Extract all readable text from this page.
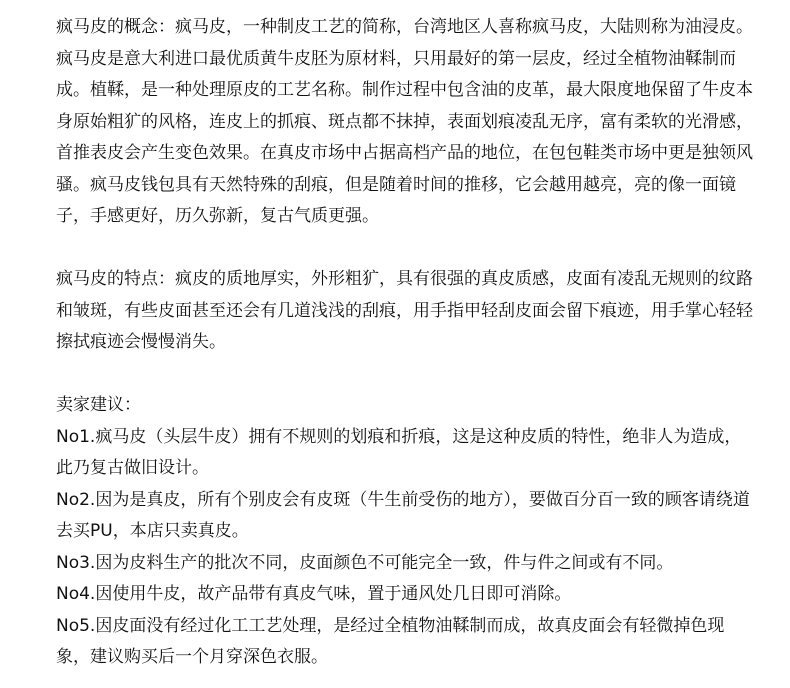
疯马皮的概念：疯马皮，一种制皮工艺的简称，台湾地区人喜称疯马皮，大陆则称为油浸皮。疯马皮是意大利进口最优质黄牛皮胚为原材料，只用最好的第一层皮，经过全植物油鞣制而成。植鞣，是一种处理原皮的工艺名称。制作过程中包含油的皮革，最大限度地保留了牛皮本身原始粗犷的风格，连皮上的抓痕、斑点都不抹掉，表面划痕凌乱无序，富有柔软的光滑感，首推表皮会产生变色效果。在真皮市场中占据高档产品的地位，在包包鞋类市场中更是独领风骚。疯马皮钱包具有天然特殊的刮痕，但是随着时间的推移，它会越用越亮，亮的像一面镜子，手感更好，历久弥新，复古气质更强。

疯马皮的特点：疯皮的质地厚实，外形粗犷，具有很强的真皮质感，皮面有凌乱无规则的纹路和皱斑，有些皮面甚至还会有几道浅浅的刮痕，用手指甲轻刮皮面会留下痕迹，用手掌心轻轻擦拭痕迹会慢慢消失。

卖家建议：

No1.疯马皮（头层牛皮）拥有不规则的划痕和折痕，这是这种皮质的特性，绝非人为造成，此乃复古做旧设计。
No2.因为是真皮，所有个别皮会有皮斑（牛生前受伤的地方），要做百分百一致的顾客请绕道去买PU，本店只卖真皮。
No3.因为皮料生产的批次不同，皮面颜色不可能完全一致，件与件之间或有不同。
No4.因使用牛皮，故产品带有真皮气味，置于通风处几日即可消除。
No5.因皮面没有经过化工工艺处理，是经过全植物油鞣制而成，故真皮面会有轻微掉色现象，建议购买后一个月穿深色衣服。
